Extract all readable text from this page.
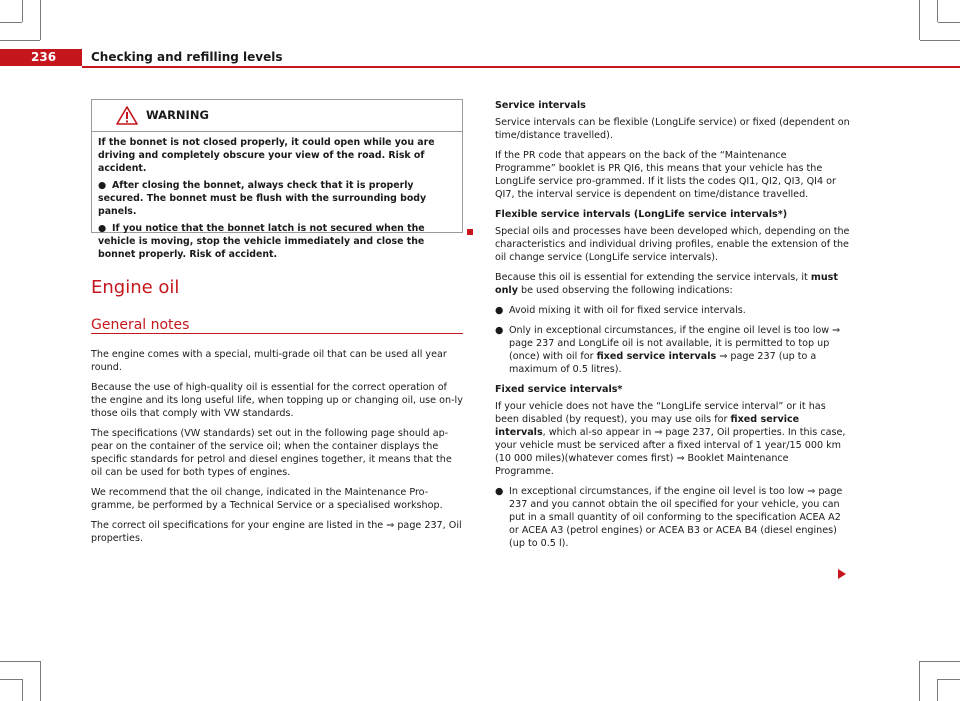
236	Checking and refilling levels
WARNING

If the bonnet is not closed properly, it could open while you are driving and completely obscure your view of the road. Risk of accident.

● After closing the bonnet, always check that it is properly secured. The bonnet must be flush with the surrounding body panels.

● If you notice that the bonnet latch is not secured when the vehicle is moving, stop the vehicle immediately and close the bonnet properly. Risk of accident.

Engine oil
General notes

The engine comes with a special, multi-grade oil that can be used all year round.

Because the use of high-quality oil is essential for the correct operation of the engine and its long useful life, when topping up or changing oil, use on-ly those oils that comply with VW standards.

The specifications (VW standards) set out in the following page should ap-pear on the container of the service oil; when the container displays the specific standards for petrol and diesel engines together, it means that the oil can be used for both types of engines.

We recommend that the oil change, indicated in the Maintenance Pro-gramme, be performed by a Technical Service or a specialised workshop.

The correct oil specifications for your engine are listed in the ⇒ page 237, Oil properties.

Service intervals

Service intervals can be flexible (LongLife service) or fixed (dependent on time/distance travelled).

If the PR code that appears on the back of the “Maintenance Programme” booklet is PR QI6, this means that your vehicle has the LongLife service pro-grammed. If it lists the codes QI1, QI2, QI3, QI4 or QI7, the interval service is dependent on time/distance travelled.

Flexible service intervals (LongLife service intervals*)

Special oils and processes have been developed which, depending on the characteristics and individual driving profiles, enable the extension of the oil change service (LongLife service intervals).

Because this oil is essential for extending the service intervals, it must only be used observing the following indications:

● Avoid mixing it with oil for fixed service intervals.

● Only in exceptional circumstances, if the engine oil level is too low ⇒ page 237 and LongLife oil is not available, it is permitted to top up (once) with oil for fixed service intervals ⇒ page 237 (up to a maximum of 0.5 litres).

Fixed service intervals*

If your vehicle does not have the “LongLife service interval” or it has been disabled (by request), you may use oils for fixed service intervals, which al-so appear in ⇒ page 237, Oil properties. In this case, your vehicle must be serviced after a fixed interval of 1 year/15 000 km (10 000 miles)(whatever comes first) ⇒ Booklet Maintenance Programme.

● In exceptional circumstances, if the engine oil level is too low ⇒ page 237 and you cannot obtain the oil specified for your vehicle, you can put in a small quantity of oil conforming to the specification ACEA A2 or ACEA A3 (petrol engines) or ACEA B3 or ACEA B4 (diesel engines) (up to 0.5 l).
